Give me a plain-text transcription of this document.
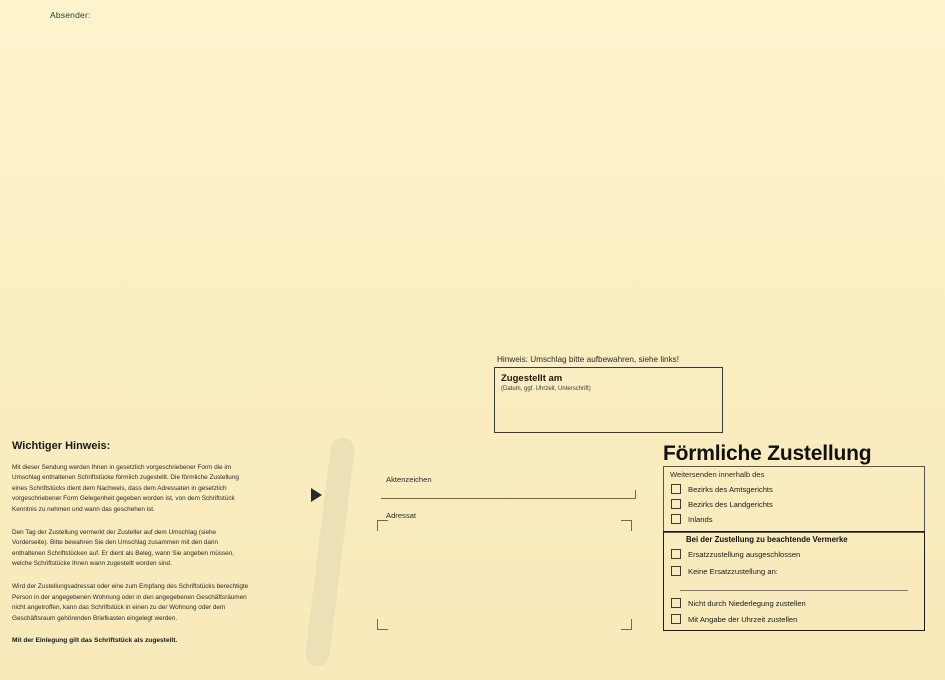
Absender:
Wichtiger Hinweis:

Mit dieser Sendung werden Ihnen in gesetzlich vorgeschriebener Form die im Umschlag enthaltenen Schriftstücke förmlich zugestellt. Die förmliche Zustellung eines Schriftstücks dient dem Nachweis, dass dem Adressaten in gesetzlich vorgeschriebener Form Gelegenheit gegeben worden ist, von dem Schriftstück Kenntnis zu nehmen und wann das geschehen ist.

Den Tag der Zustellung vermerkt der Zusteller auf dem Umschlag (siehe Vorderseite). Bitte bewahren Sie den Umschlag zusammen mit den darin enthaltenen Schriftstücken auf. Er dient als Beleg, wann Sie angeben müssen, welche Schriftstücke Ihnen wann zugestellt worden sind.

Wird der Zustellungsadressat oder eine zum Empfang des Schriftstücks berechtigte Person in der angegebenen Wohnung oder in den angegebenen Geschäftsräumen nicht angetroffen, kann das Schriftstück in einen zu der Wohnung oder dem Geschäftsraum gehörenden Briefkasten eingelegt werden.

Mit der Einlegung gilt das Schriftstück als zugestellt.
Aktenzeichen
Adressat
Hinweis: Umschlag bitte aufbewahren, siehe links!
Zugestellt am
(Datum, ggf. Uhrzeit, Unterschrift)
Förmliche Zustellung
Weitersenden innerhalb des
Bezirks des Amtsgerichts
Bezirks des Landgerichts
Inlands
Bei der Zustellung zu beachtende Vermerke
Ersatzzustellung ausgeschlossen
Keine Ersatzzustellung an:
Nicht durch Niederlegung zustellen
Mit Angabe der Uhrzeit zustellen
